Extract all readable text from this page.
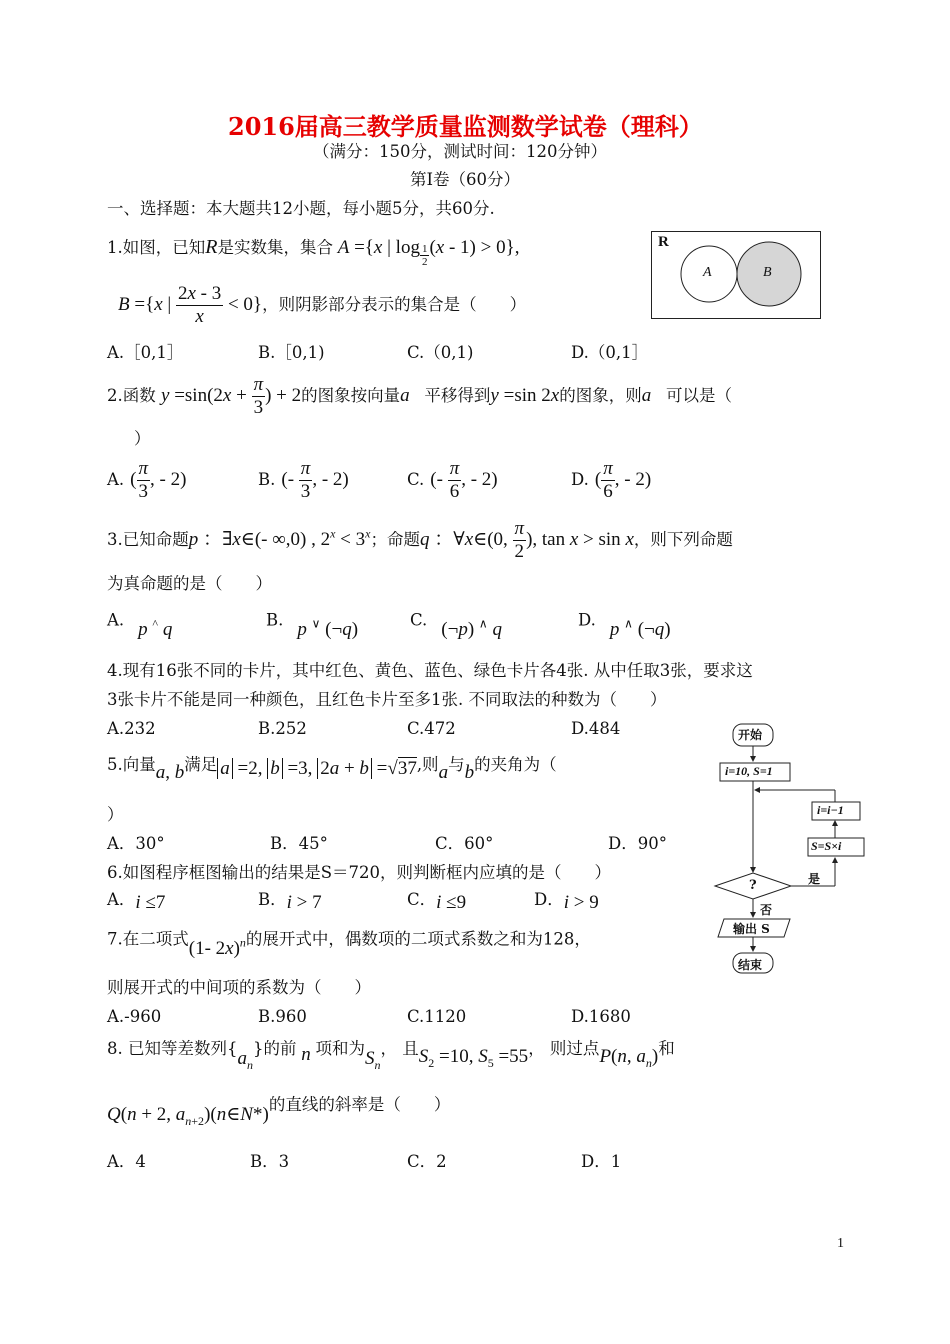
2016届高三教学质量监测数学试卷（理科）
（满分：150分，测试时间：120分钟）
第Ⅰ卷（60分）
一、选择题：本大题共12小题，每小题5分，共60分.
1.如图，已知R是实数集，集合 A ={x | log $_{\frac{1}{2}}$ (x - 1) > 0},	R
A	B
B ={x | $\frac{2x - 3}{x} < 0$}，则阴影部分表示的集合是（　　）
A.［0,1］	B.［0,1)	C.（0,1)	D.（0,1］
2.函数 $y =\sin(2x + \frac{\pi}{3}$ ) + 2的图象按向量a⃗平移得到y =sin 2x的图象，则a⃗可以是（
）
A. ( $\frac{\pi}{3}$ , - 2)	B. (- $\frac{\pi}{3}$ , - 2)	C. (- $\frac{\pi}{6}$ , - 2)	D. ( $\frac{\pi}{6}$ , - 2)
3.已知命题p ：∃x∈(- ∞,0) , $2^x < 3^x$；命题q ：∀x∈(0, $\frac{\pi}{2}$ ), tan x > sin x，则下列命题
为真命题的是（　　）
A. p ^ q	B. p ∨ (¬q)	C. (¬p) ∧ q	D. p ∧ (¬q)
4.现有16张不同的卡片，其中红色、黄色、蓝色、绿色卡片各4张. 从中任取3张，要求这
3张卡片不能是同一种颜色，且红色卡片至多1张. 不同取法的种数为（　　）
A.232	B.252	C.472	D.484	开始
i=10, S=1
i=i−1
S=S×i
?	是
否
输出 S
结束
5.向量a, b满足 a =2, b =3, 2a + b =√37,则a与b的夹角为（
）
A．30°	B．45°	C．60°	D．90°
6.如图程序框图输出的结果是S＝720，则判断框内应填的是（　　）
A．i ≤7	B．i > 7	C．i ≤9	D．i > 9
7.在二项式(1- 2x)$^n$的展开式中，偶数项的二项式系数之和为128，
则展开式的中间项的系数为（　　）
A.-960	B.960	C.1120	D.1680
8. 已知等差数列$\{a_n\}$的前 n 项和为$S_n$， 且$S_2 =10$, $S_5 =55$， 则过点P(n, $a_n$)和
Q(n + 2, $a_{n+2})(n\in N*)$的直线的斜率是（　　）
A．4	B．3	C．2	D．1
1
